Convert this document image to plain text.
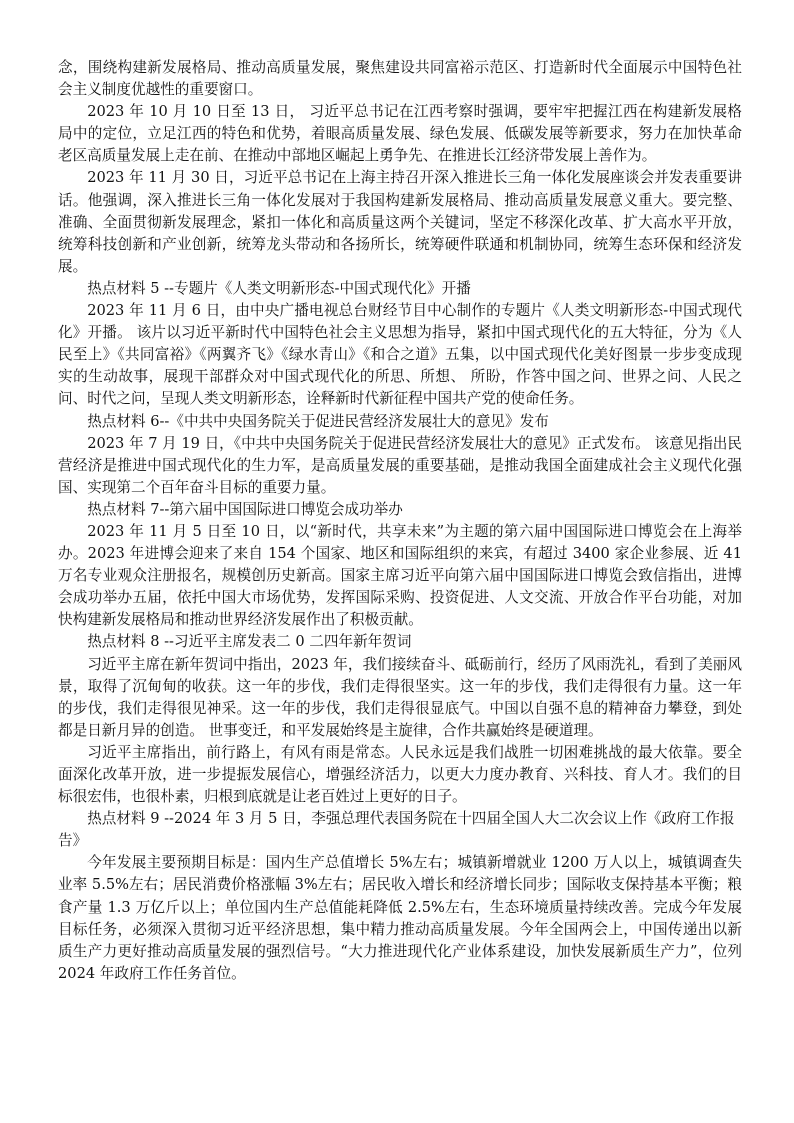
念，围绕构建新发展格局、推动高质量发展，聚焦建设共同富裕示范区、打造新时代全面展示中国特色社会主义制度优越性的重要窗口。

2023 年 10 月 10 日至 13 日， 习近平总书记在江西考察时强调，要牢牢把握江西在构建新发展格局中的定位，立足江西的特色和优势，着眼高质量发展、绿色发展、低碳发展等新要求，努力在加快革命老区高质量发展上走在前、在推动中部地区崛起上勇争先、在推进长江经济带发展上善作为。

2023 年 11 月 30 日，习近平总书记在上海主持召开深入推进长三角一体化发展座谈会并发表重要讲话。他强调，深入推进长三角一体化发展对于我国构建新发展格局、推动高质量发展意义重大。要完整、准确、全面贯彻新发展理念，紧扣一体化和高质量这两个关键词，坚定不移深化改革、扩大高水平开放，统筹科技创新和产业创新，统筹龙头带动和各扬所长，统筹硬件联通和机制协同，统筹生态环保和经济发展。

热点材料 5 --专题片《人类文明新形态-中国式现代化》开播

2023 年 11 月 6 日，由中央广播电视总台财经节目中心制作的专题片《人类文明新形态-中国式现代化》开播。 该片以习近平新时代中国特色社会主义思想为指导，紧扣中国式现代化的五大特征，分为《人民至上》《共同富裕》《两翼齐飞》《绿水青山》《和合之道》五集，以中国式现代化美好图景一步步变成现实的生动故事，展现干部群众对中国式现代化的所思、所想、 所盼，作答中国之问、世界之问、人民之问、时代之问，呈现人类文明新形态，诠释新时代新征程中国共产党的使命任务。

热点材料 6--《中共中央国务院关于促进民营经济发展壮大的意见》发布

2023 年 7 月 19 日，《中共中央国务院关于促进民营经济发展壮大的意见》正式发布。 该意见指出民营经济是推进中国式现代化的生力军，是高质量发展的重要基础，是推动我国全面建成社会主义现代化强国、实现第二个百年奋斗目标的重要力量。

热点材料 7--第六届中国国际进口博览会成功举办

2023 年 11 月 5 日至 10 日，以“新时代，共享未来”为主题的第六届中国国际进口博览会在上海举办。2023 年进博会迎来了来自 154 个国家、地区和国际组织的来宾，有超过 3400 家企业参展、近 41 万名专业观众注册报名，规模创历史新高。国家主席习近平向第六届中国国际进口博览会致信指出，进博会成功举办五届，依托中国大市场优势，发挥国际采购、投资促进、人文交流、开放合作平台功能，对加快构建新发展格局和推动世界经济发展作出了积极贡献。

热点材料 8 --习近平主席发表二 0 二四年新年贺词

习近平主席在新年贺词中指出，2023 年，我们接续奋斗、砥砺前行，经历了风雨洗礼，看到了美丽风景，取得了沉甸甸的收获。这一年的步伐，我们走得很坚实。这一年的步伐，我们走得很有力量。这一年的步伐，我们走得很见神采。这一年的步伐，我们走得很显底气。中国以自强不息的精神奋力攀登，到处都是日新月异的创造。 世事变迁，和平发展始终是主旋律，合作共赢始终是硬道理。

习近平主席指出，前行路上，有风有雨是常态。人民永远是我们战胜一切困难挑战的最大依靠。要全面深化改革开放，进一步提振发展信心，增强经济活力，以更大力度办教育、兴科技、育人才。我们的目标很宏伟，也很朴素，归根到底就是让老百姓过上更好的日子。

热点材料 9 --2024 年 3 月 5 日，李强总理代表国务院在十四届全国人大二次会议上作《政府工作报告》

今年发展主要预期目标是：国内生产总值增长 5%左右；城镇新增就业 1200 万人以上，城镇调查失业率 5.5%左右；居民消费价格涨幅 3%左右；居民收入增长和经济增长同步；国际收支保持基本平衡；粮食产量 1.3 万亿斤以上；单位国内生产总值能耗降低 2.5%左右，生态环境质量持续改善。完成今年发展目标任务，必须深入贯彻习近平经济思想，集中精力推动高质量发展。今年全国两会上，中国传递出以新质生产力更好推动高质量发展的强烈信号。“大力推进现代化产业体系建设，加快发展新质生产力”，位列 2024 年政府工作任务首位。
